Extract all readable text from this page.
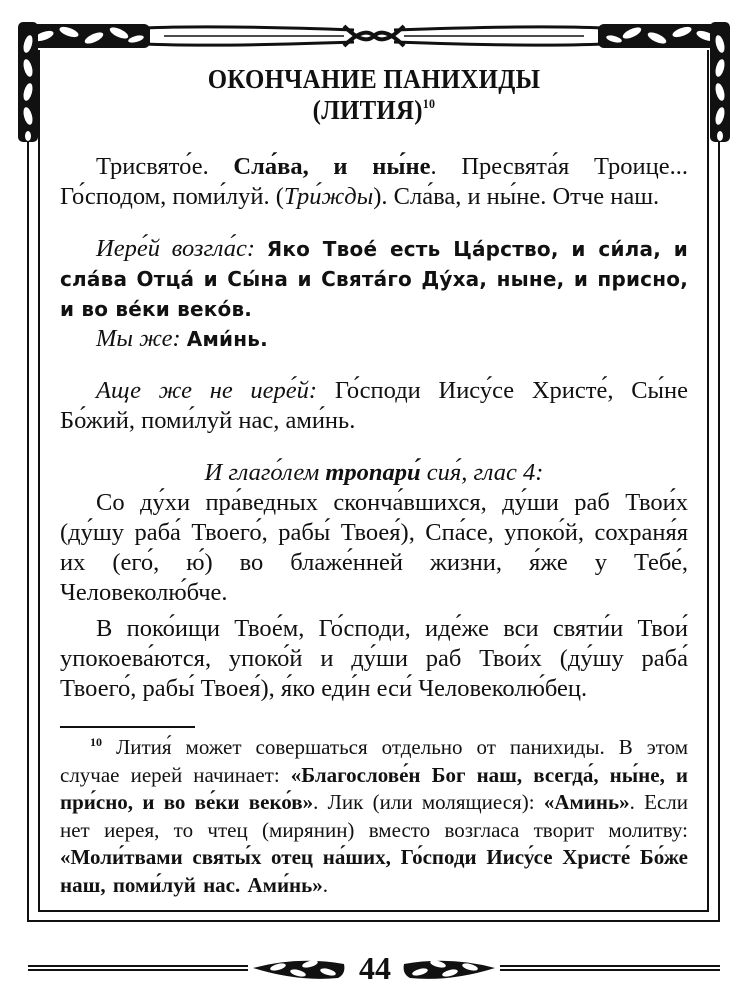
ОКОНЧАНИЕ ПАНИХИДЫ
(ЛИТИЯ)$^{10}$

Трисвято́е. Сла́ва, и ны́не. Пресвята́я Троице... Го́сподом, поми́луй. (Три́жды). Сла́ва, и ны́не. Отче наш.

Иере́й возгла́с: Яко Твое́ есть Ца́рство, и си́ла, и сла́ва Отца́ и Сы́на и Свята́го Ду́ха, ныне, и присно, и во ве́ки веко́в.

Мы же: Ами́нь.

Аще же не иере́й: Го́споди Иису́се Христе́, Сы́не Бо́жий, поми́луй нас, ами́нь.

И глаго́лем тропари́ сия́, глас 4:

Со ду́хи пра́ведных сконча́вшихся, ду́ши раб Твои́х (ду́шу раба́ Твоего́, рабы́ Твоея́), Спа́се, упоко́й, сохраня́я их (его́, ю́) во блаже́нней жизни, я́же у Тебе́, Человеколю́бче.

В поко́ищи Твое́м, Го́споди, иде́же вси святи́и Твои́ упокоева́ются, упоко́й и ду́ши раб Твои́х (ду́шу раба́ Твоего́, рабы́ Твоея́), я́ко еди́н еси́ Человеколю́бец.

$^{10}$ Лития́ может совершаться отдельно от панихиды. В этом случае иерей начинает: «Благослове́н Бог наш, всегда́, ны́не, и при́сно, и во ве́ки веко́в». Лик (или молящиеся): «Аминь». Если нет иерея, то чтец (мирянин) вместо возгласа творит молитву: «Моли́твами святы́х отец на́ших, Го́споди Иису́се Христе́ Бо́же наш, поми́луй нас. Ами́нь».

44
